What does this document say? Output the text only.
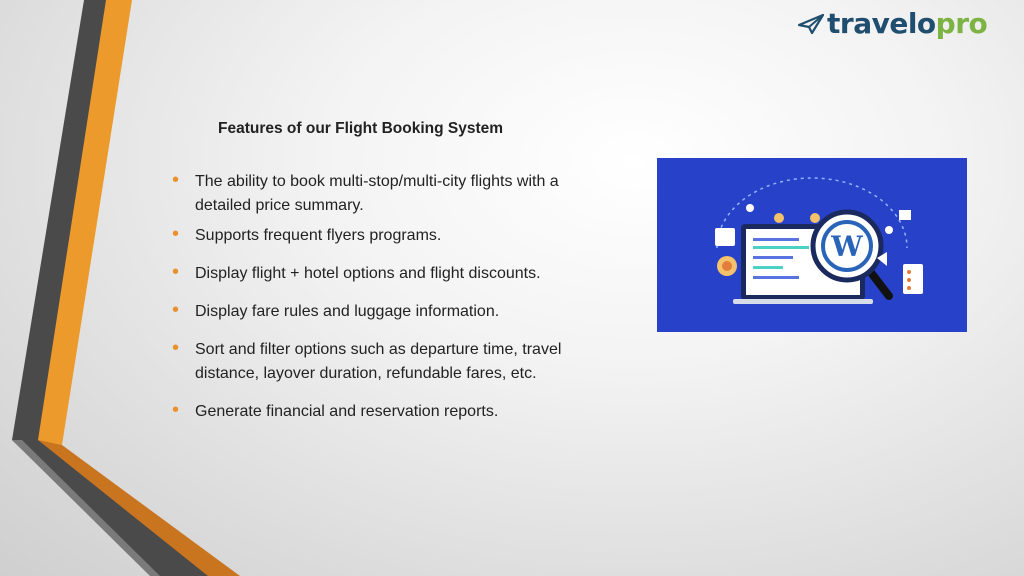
travelopro
Features of our Flight Booking System
• The ability to book multi-stop/multi-city flights with a detailed price summary.
• Supports frequent flyers programs.
• Display flight + hotel options and flight discounts.
• Display fare rules and luggage information.
• Sort and filter options such as departure time, travel distance, layover duration, refundable fares, etc.
• Generate financial and reservation reports.
W
